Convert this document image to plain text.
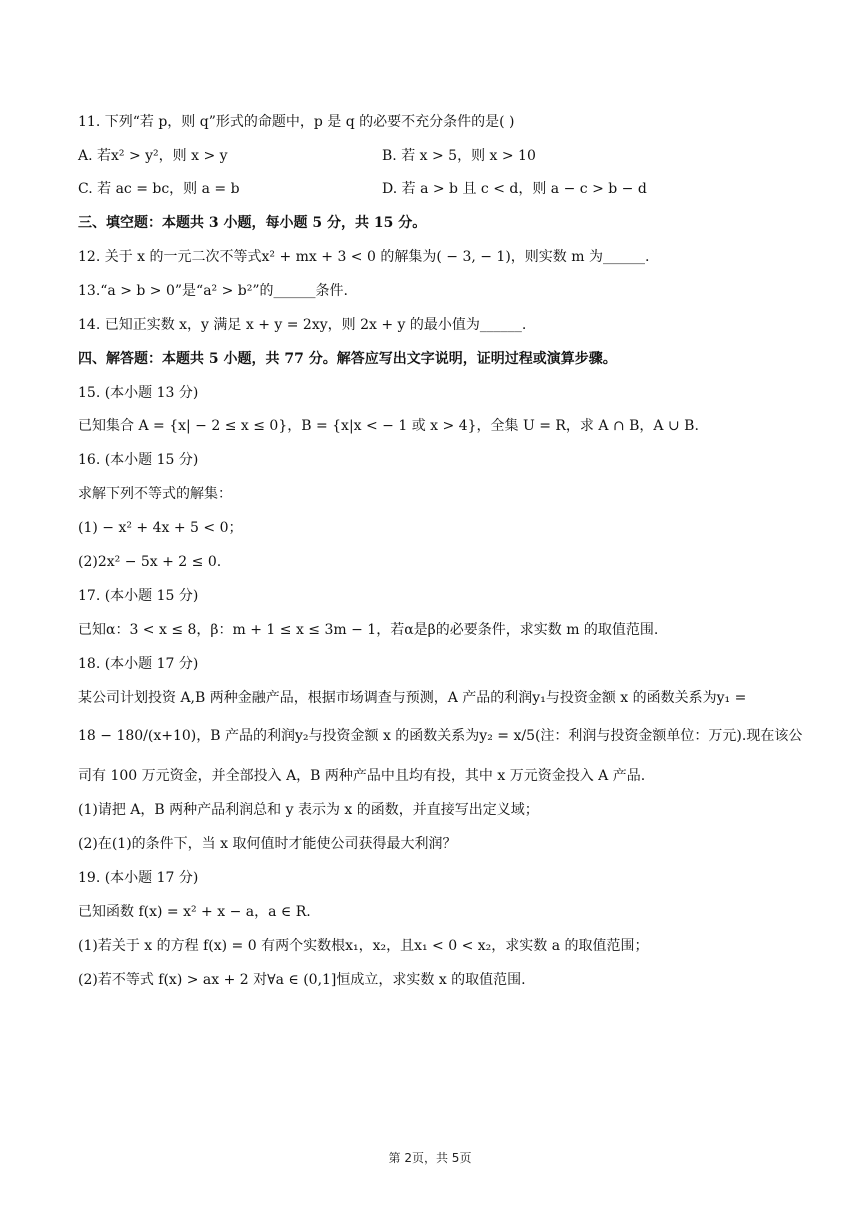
11. 下列“若 p，则 q”形式的命题中，p 是 q 的必要不充分条件的是( )
A. 若x² > y²，则 x > y	B. 若 x > 5，则 x > 10
C. 若 ac = bc，则 a = b	D. 若 a > b 且 c < d，则 a − c > b − d
三、填空题：本题共 3 小题，每小题 5 分，共 15 分。
12. 关于 x 的一元二次不等式x² + mx + 3 < 0 的解集为( − 3, − 1)，则实数 m 为______.
13.“a > b > 0”是“a² > b²”的______条件.
14. 已知正实数 x，y 满足 x + y = 2xy，则 2x + y 的最小值为______.
四、解答题：本题共 5 小题，共 77 分。解答应写出文字说明，证明过程或演算步骤。
15. (本小题 13 分)
已知集合 A = {x| − 2 ≤ x ≤ 0}，B = {x|x < − 1 或 x > 4}，全集 U = R，求 A ∩ B，A ∪ B.
16. (本小题 15 分)
求解下列不等式的解集：
(1) − x² + 4x + 5 < 0；
(2)2x² − 5x + 2 ≤ 0.
17. (本小题 15 分)
已知α：3 < x ≤ 8，β：m + 1 ≤ x ≤ 3m − 1，若α是β的必要条件，求实数 m 的取值范围.
18. (本小题 17 分)
某公司计划投资 A,B 两种金融产品，根据市场调查与预测，A 产品的利润y₁与投资金额 x 的函数关系为y₁ =
18 − 180/(x+10)，B 产品的利润y₂与投资金额 x 的函数关系为y₂ = x/5(注：利润与投资金额单位：万元).现在该公
司有 100 万元资金，并全部投入 A，B 两种产品中且均有投，其中 x 万元资金投入 A 产品.
(1)请把 A，B 两种产品利润总和 y 表示为 x 的函数，并直接写出定义域；
(2)在(1)的条件下，当 x 取何值时才能使公司获得最大利润？
19. (本小题 17 分)
已知函数 f(x) = x² + x − a，a ∈ R.
(1)若关于 x 的方程 f(x) = 0 有两个实数根x₁，x₂，且x₁ < 0 < x₂，求实数 a 的取值范围；
(2)若不等式 f(x) > ax + 2 对∀a ∈ (0,1]恒成立，求实数 x 的取值范围.
第 2页，共 5页
